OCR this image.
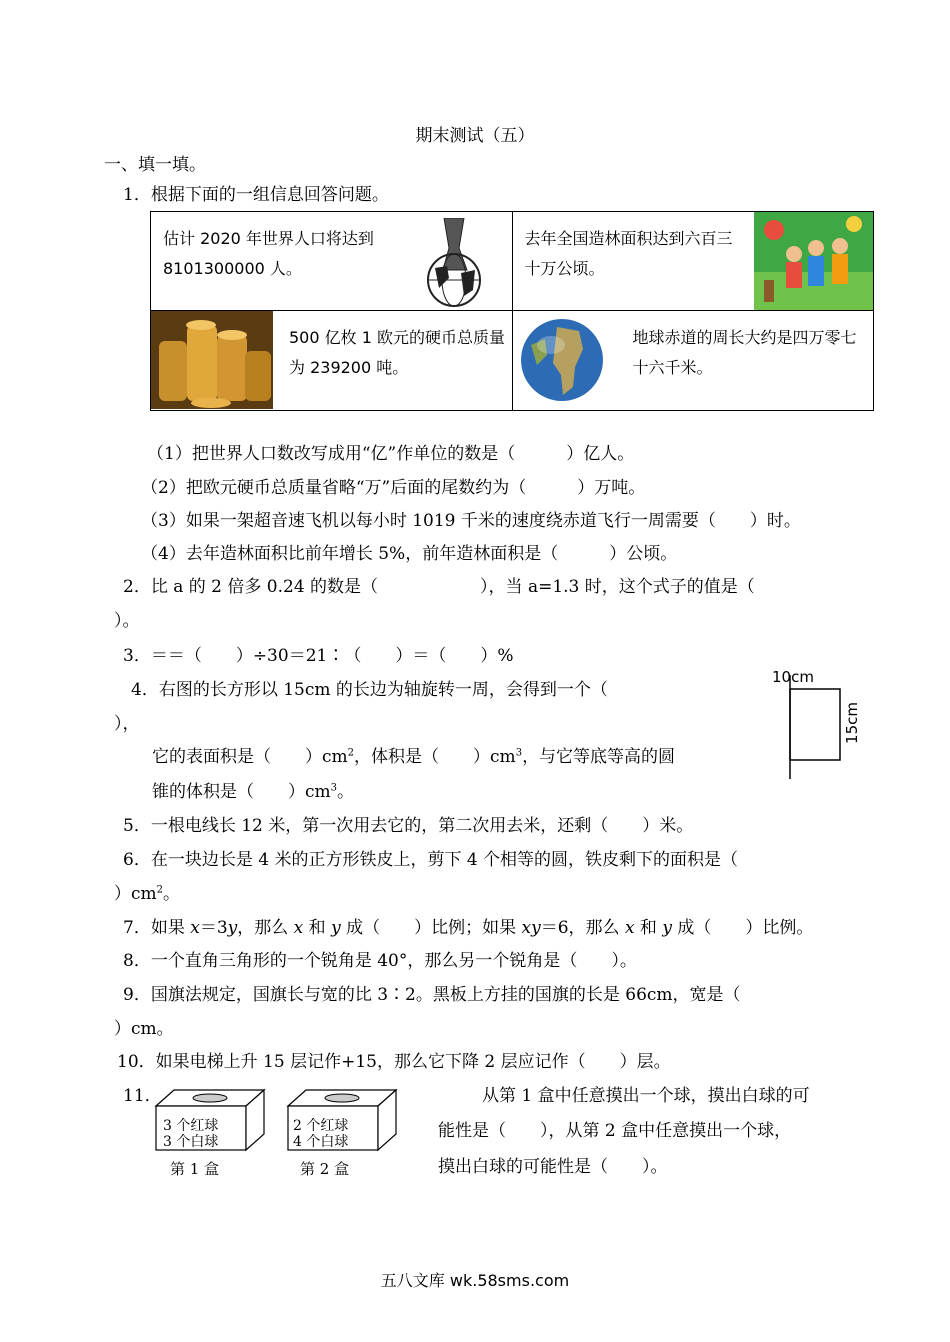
期末测试（五）
一、填一填。
1．根据下面的一组信息回答问题。
估计 2020 年世界人口将达到 8101300000 人。	去年全国造林面积达到六百三十万公顷。

500 亿枚 1 欧元的硬币总质量为 239200 吨。	地球赤道的周长大约是四万零七十六千米。
（1）把世界人口数改写成用“亿”作单位的数是（　　　）亿人。
（2）把欧元硬币总质量省略“万”后面的尾数约为（　　　）万吨。
（3）如果一架超音速飞机以每小时 1019 千米的速度绕赤道飞行一周需要（　　）时。
（4）去年造林面积比前年增长 5%，前年造林面积是（　　　）公顷。
2．比 a 的 2 倍多 0.24 的数是（　　　　　　），当 a=1.3 时，这个式子的值是（
）。
3．＝＝（　　）÷30＝21∶（　　）＝（　　）%
4．右图的长方形以 15cm 的长边为轴旋转一周，会得到一个（
），
它的表面积是（　　）$cm^2$，体积是（　　）$cm^3$，与它等底等高的圆
锥的体积是（　　）$cm^3$。
10cm
15cm
5．一根电线长 12 米，第一次用去它的，第二次用去米，还剩（　　）米。
6．在一块边长是 4 米的正方形铁皮上，剪下 4 个相等的圆，铁皮剩下的面积是（
）$cm^2$。
7．如果 x＝3y，那么 x 和 y 成（　　）比例；如果 xy＝6，那么 x 和 y 成（　　）比例。
8．一个直角三角形的一个锐角是 40°，那么另一个锐角是（　　）。
9．国旗法规定，国旗长与宽的比 3∶2。黑板上方挂的国旗的长是 66cm，宽是（
）cm。
10．如果电梯上升 15 层记作+15，那么它下降 2 层应记作（　　）层。
11．
3 个红球
3 个白球
2 个红球
4 个白球
第 1 盒	第 2 盒
从第 1 盒中任意摸出一个球，摸出白球的可
能性是（　　），从第 2 盒中任意摸出一个球，
摸出白球的可能性是（　　）。
五八文库 wk.58sms.com
